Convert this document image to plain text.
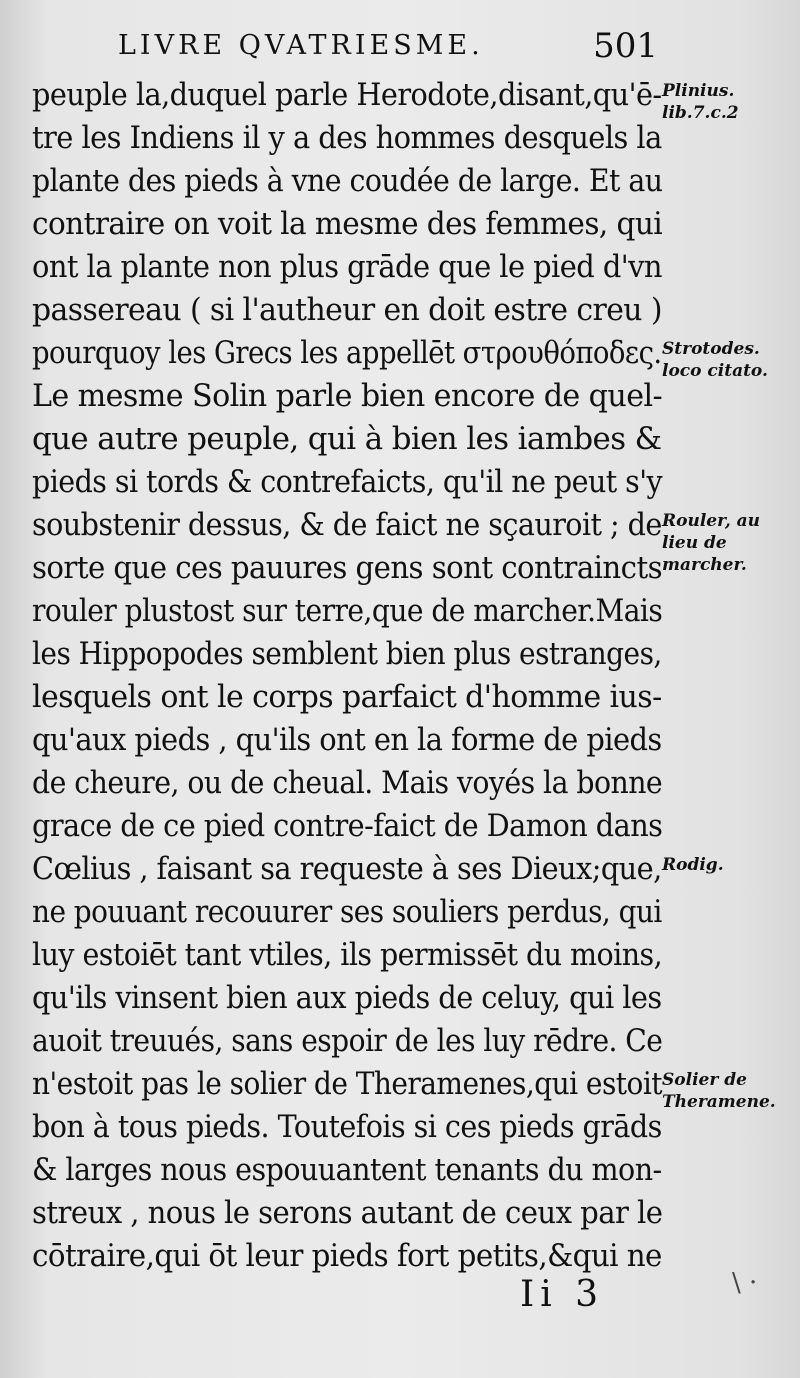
LIVRE QVATRIESME.	501
peuple la,duquel parle Herodote,disant,qu'ē-
tre les Indiens il y a des hommes desquels la
plante des pieds à vne coudée de large. Et au
contraire on voit la mesme des femmes, qui
ont la plante non plus grāde que le pied d'vn
passereau ( si l'autheur en doit estre creu )
pourquoy les Grecs les appellēt στρουθόποδες.
Le mesme Solin parle bien encore de quel-
que autre peuple, qui à bien les iambes &
pieds si tords & contrefaicts, qu'il ne peut s'y
soubstenir dessus, & de faict ne sçauroit ; de
sorte que ces pauures gens sont contraincts
rouler plustost sur terre,que de marcher.Mais
les Hippopodes semblent bien plus estranges,
lesquels ont le corps parfaict d'homme ius-
qu'aux pieds , qu'ils ont en la forme de pieds
de cheure, ou de cheual. Mais voyés la bonne
grace de ce pied contre-faict de Damon dans
Cœlius , faisant sa requeste à ses Dieux;que,
ne pouuant recouurer ses souliers perdus, qui
luy estoiēt tant vtiles, ils permissēt du moins,
qu'ils vinsent bien aux pieds de celuy, qui les
auoit treuués, sans espoir de les luy rēdre. Ce
n'estoit pas le solier de Theramenes,qui estoit
bon à tous pieds. Toutefois si ces pieds grāds
& larges nous espouuantent tenants du mon-
streux , nous le serons autant de ceux par le
cōtraire,qui ōt leur pieds fort petits,&qui ne
Plinius. lib.7.c.2
Strotodes. loco citato.
Rouler, au lieu de marcher.
Rodig.
Solier de Theramene.
Ii 3	\ ·
